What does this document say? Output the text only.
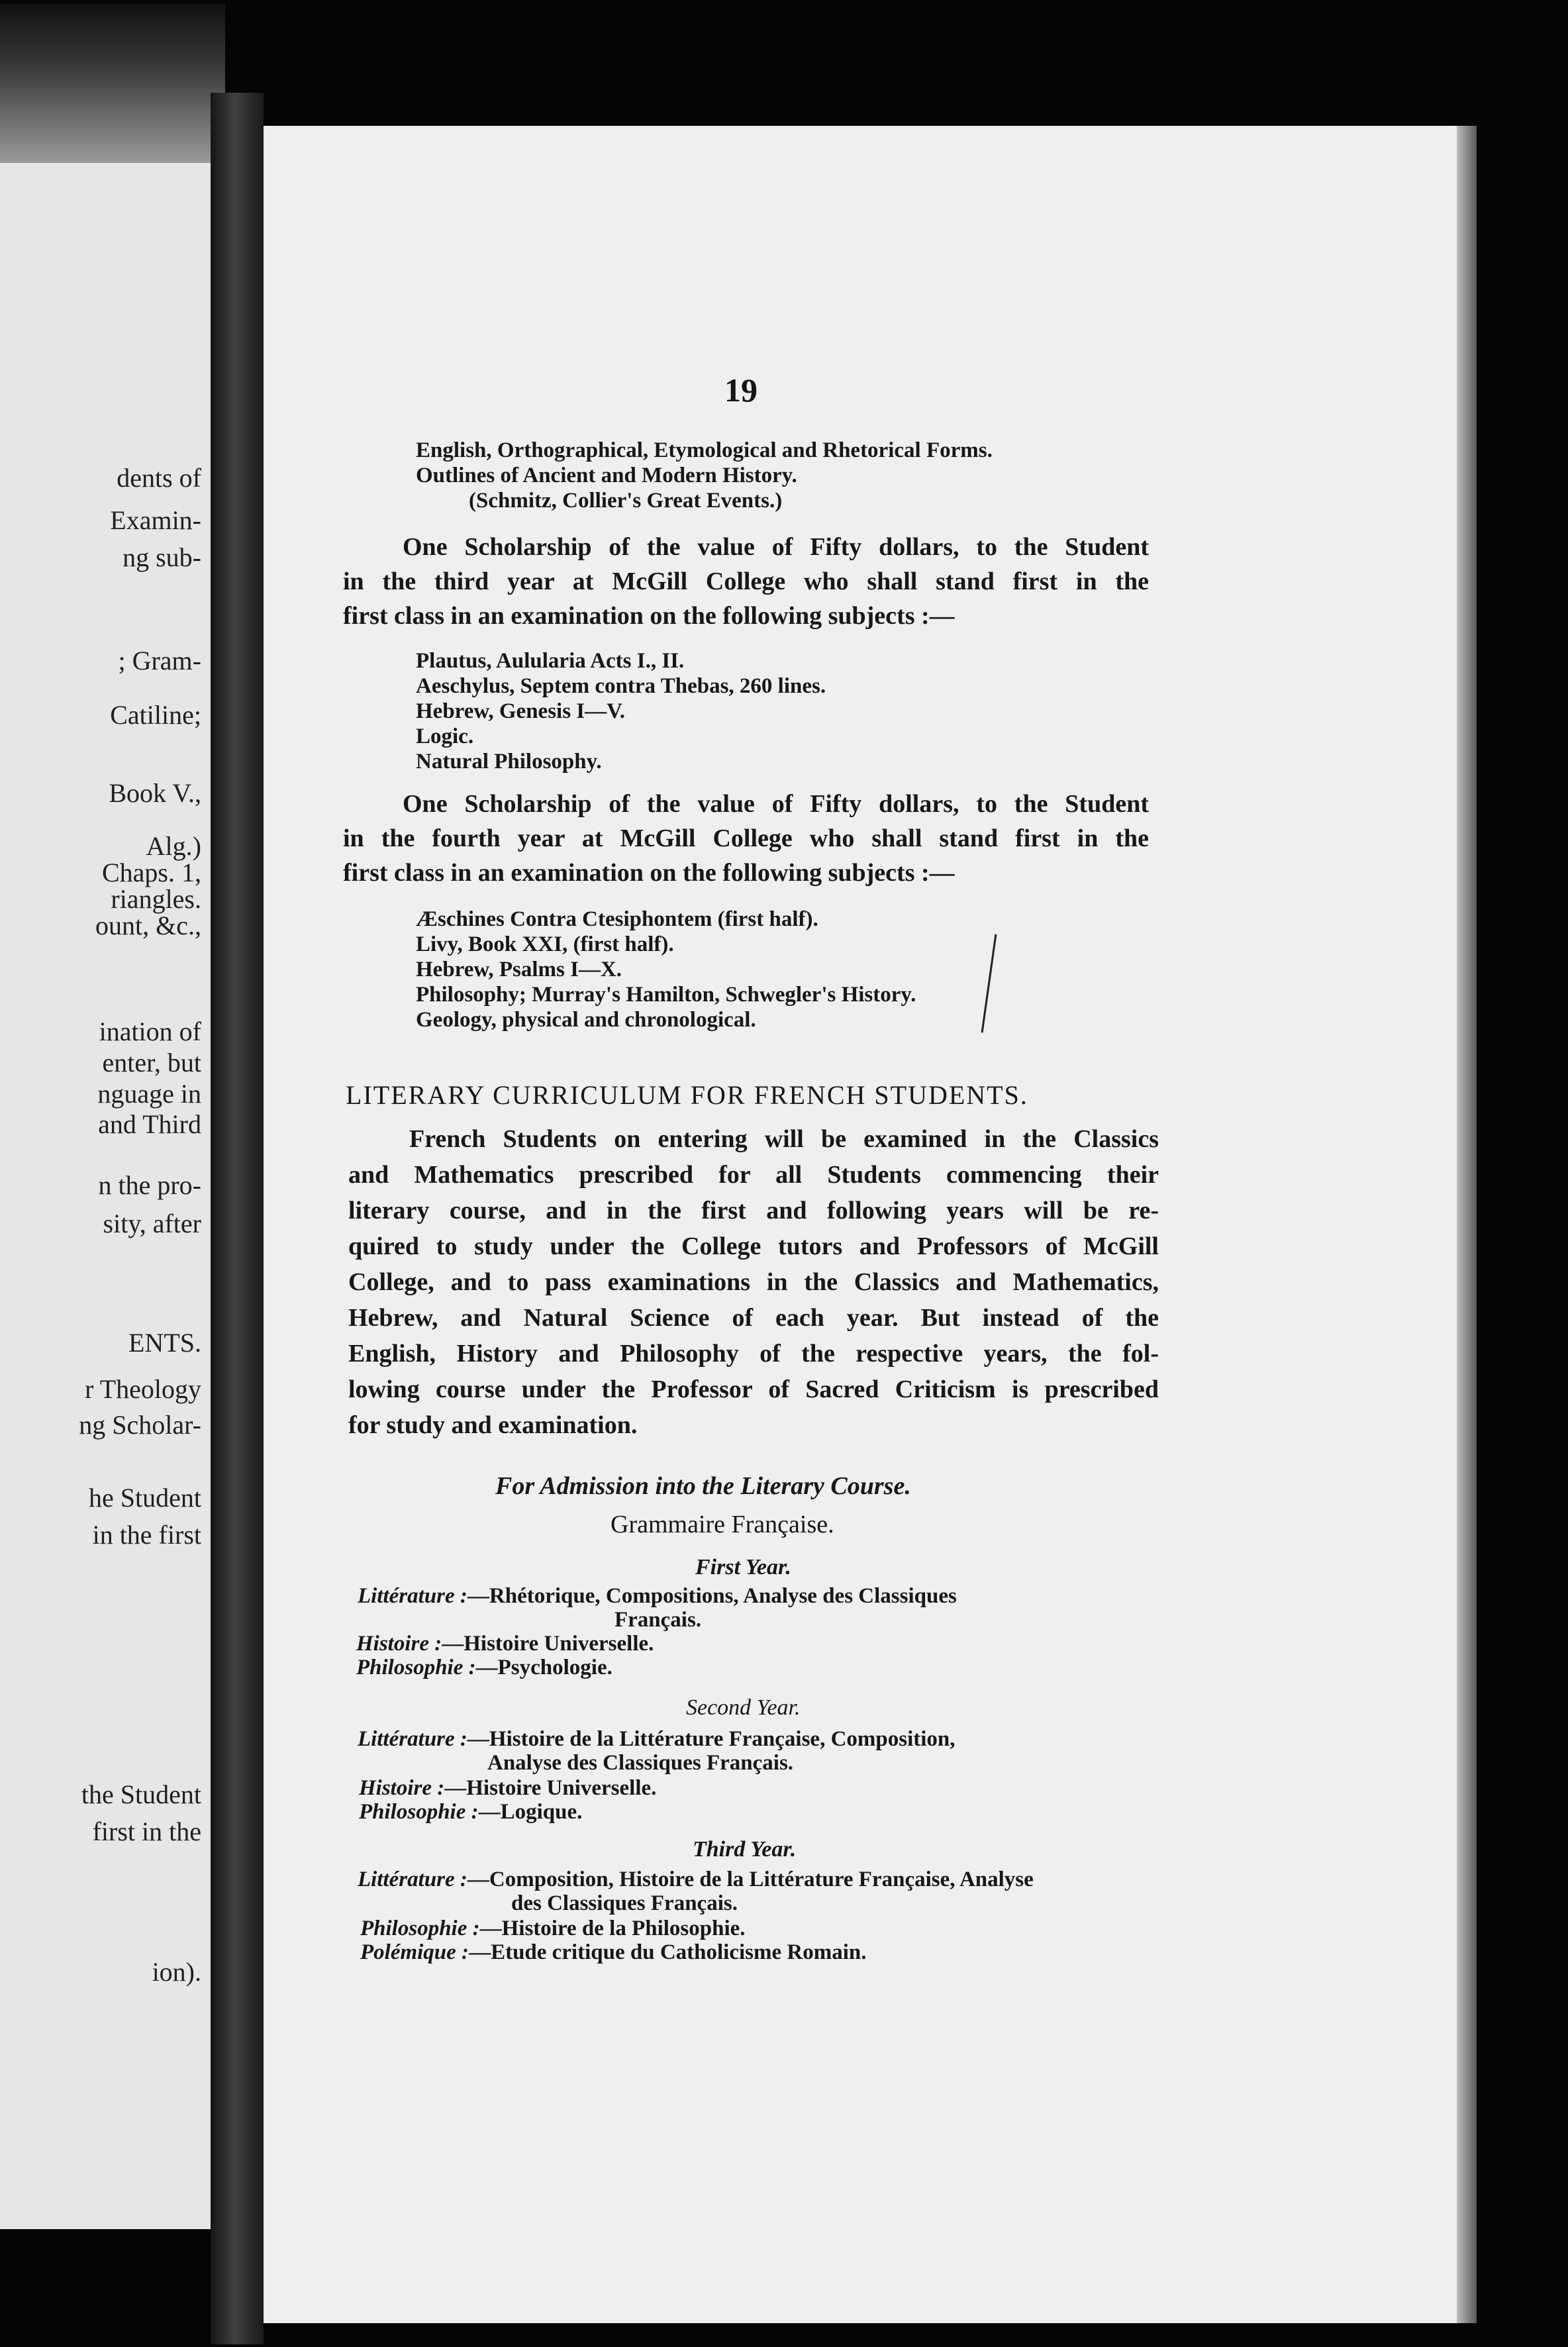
dents of
Examin-
ng sub-
; Gram-
Catiline;
Book V.,
Alg.)
Chaps. 1,
riangles.
ount, &c.,
ination of
enter, but
nguage in
and Third
n the pro-
sity, after
ENTS.
r Theology
ng Scholar-
he Student
in the first
the Student
first in the
ion).
19
English, Orthographical, Etymological and Rhetorical Forms.
Outlines of Ancient and Modern History.
(Schmitz, Collier's Great Events.)
One Scholarship of the value of Fifty dollars, to the Student
in the third year at McGill College who shall stand first in the
first class in an examination on the following subjects :—
Plautus, Aulularia Acts I., II.
Aeschylus, Septem contra Thebas, 260 lines.
Hebrew, Genesis I—V.
Logic.
Natural Philosophy.
One Scholarship of the value of Fifty dollars, to the Student
in the fourth year at McGill College who shall stand first in the
first class in an examination on the following subjects :—
Æschines Contra Ctesiphontem (first half).
Livy, Book XXI, (first half).
Hebrew, Psalms I—X.
Philosophy; Murray's Hamilton, Schwegler's History.
Geology, physical and chronological.
LITERARY CURRICULUM FOR FRENCH STUDENTS.
French Students on entering will be examined in the Classics
and Mathematics prescribed for all Students commencing their
literary course, and in the first and following years will be re-
quired to study under the College tutors and Professors of McGill
College, and to pass examinations in the Classics and Mathematics,
Hebrew, and Natural Science of each year. But instead of the
English, History and Philosophy of the respective years, the fol-
lowing course under the Professor of Sacred Criticism is prescribed
for study and examination.
For Admission into the Literary Course.
Grammaire Française.
First Year.
Littérature :—Rhétorique, Compositions, Analyse des Classiques
Français.
Histoire :—Histoire Universelle.
Philosophie :—Psychologie.
Second Year.
Littérature :—Histoire de la Littérature Française, Composition,
Analyse des Classiques Français.
Histoire :—Histoire Universelle.
Philosophie :—Logique.
Third Year.
Littérature :—Composition, Histoire de la Littérature Française, Analyse
des Classiques Français.
Philosophie :—Histoire de la Philosophie.
Polémique :—Etude critique du Catholicisme Romain.
